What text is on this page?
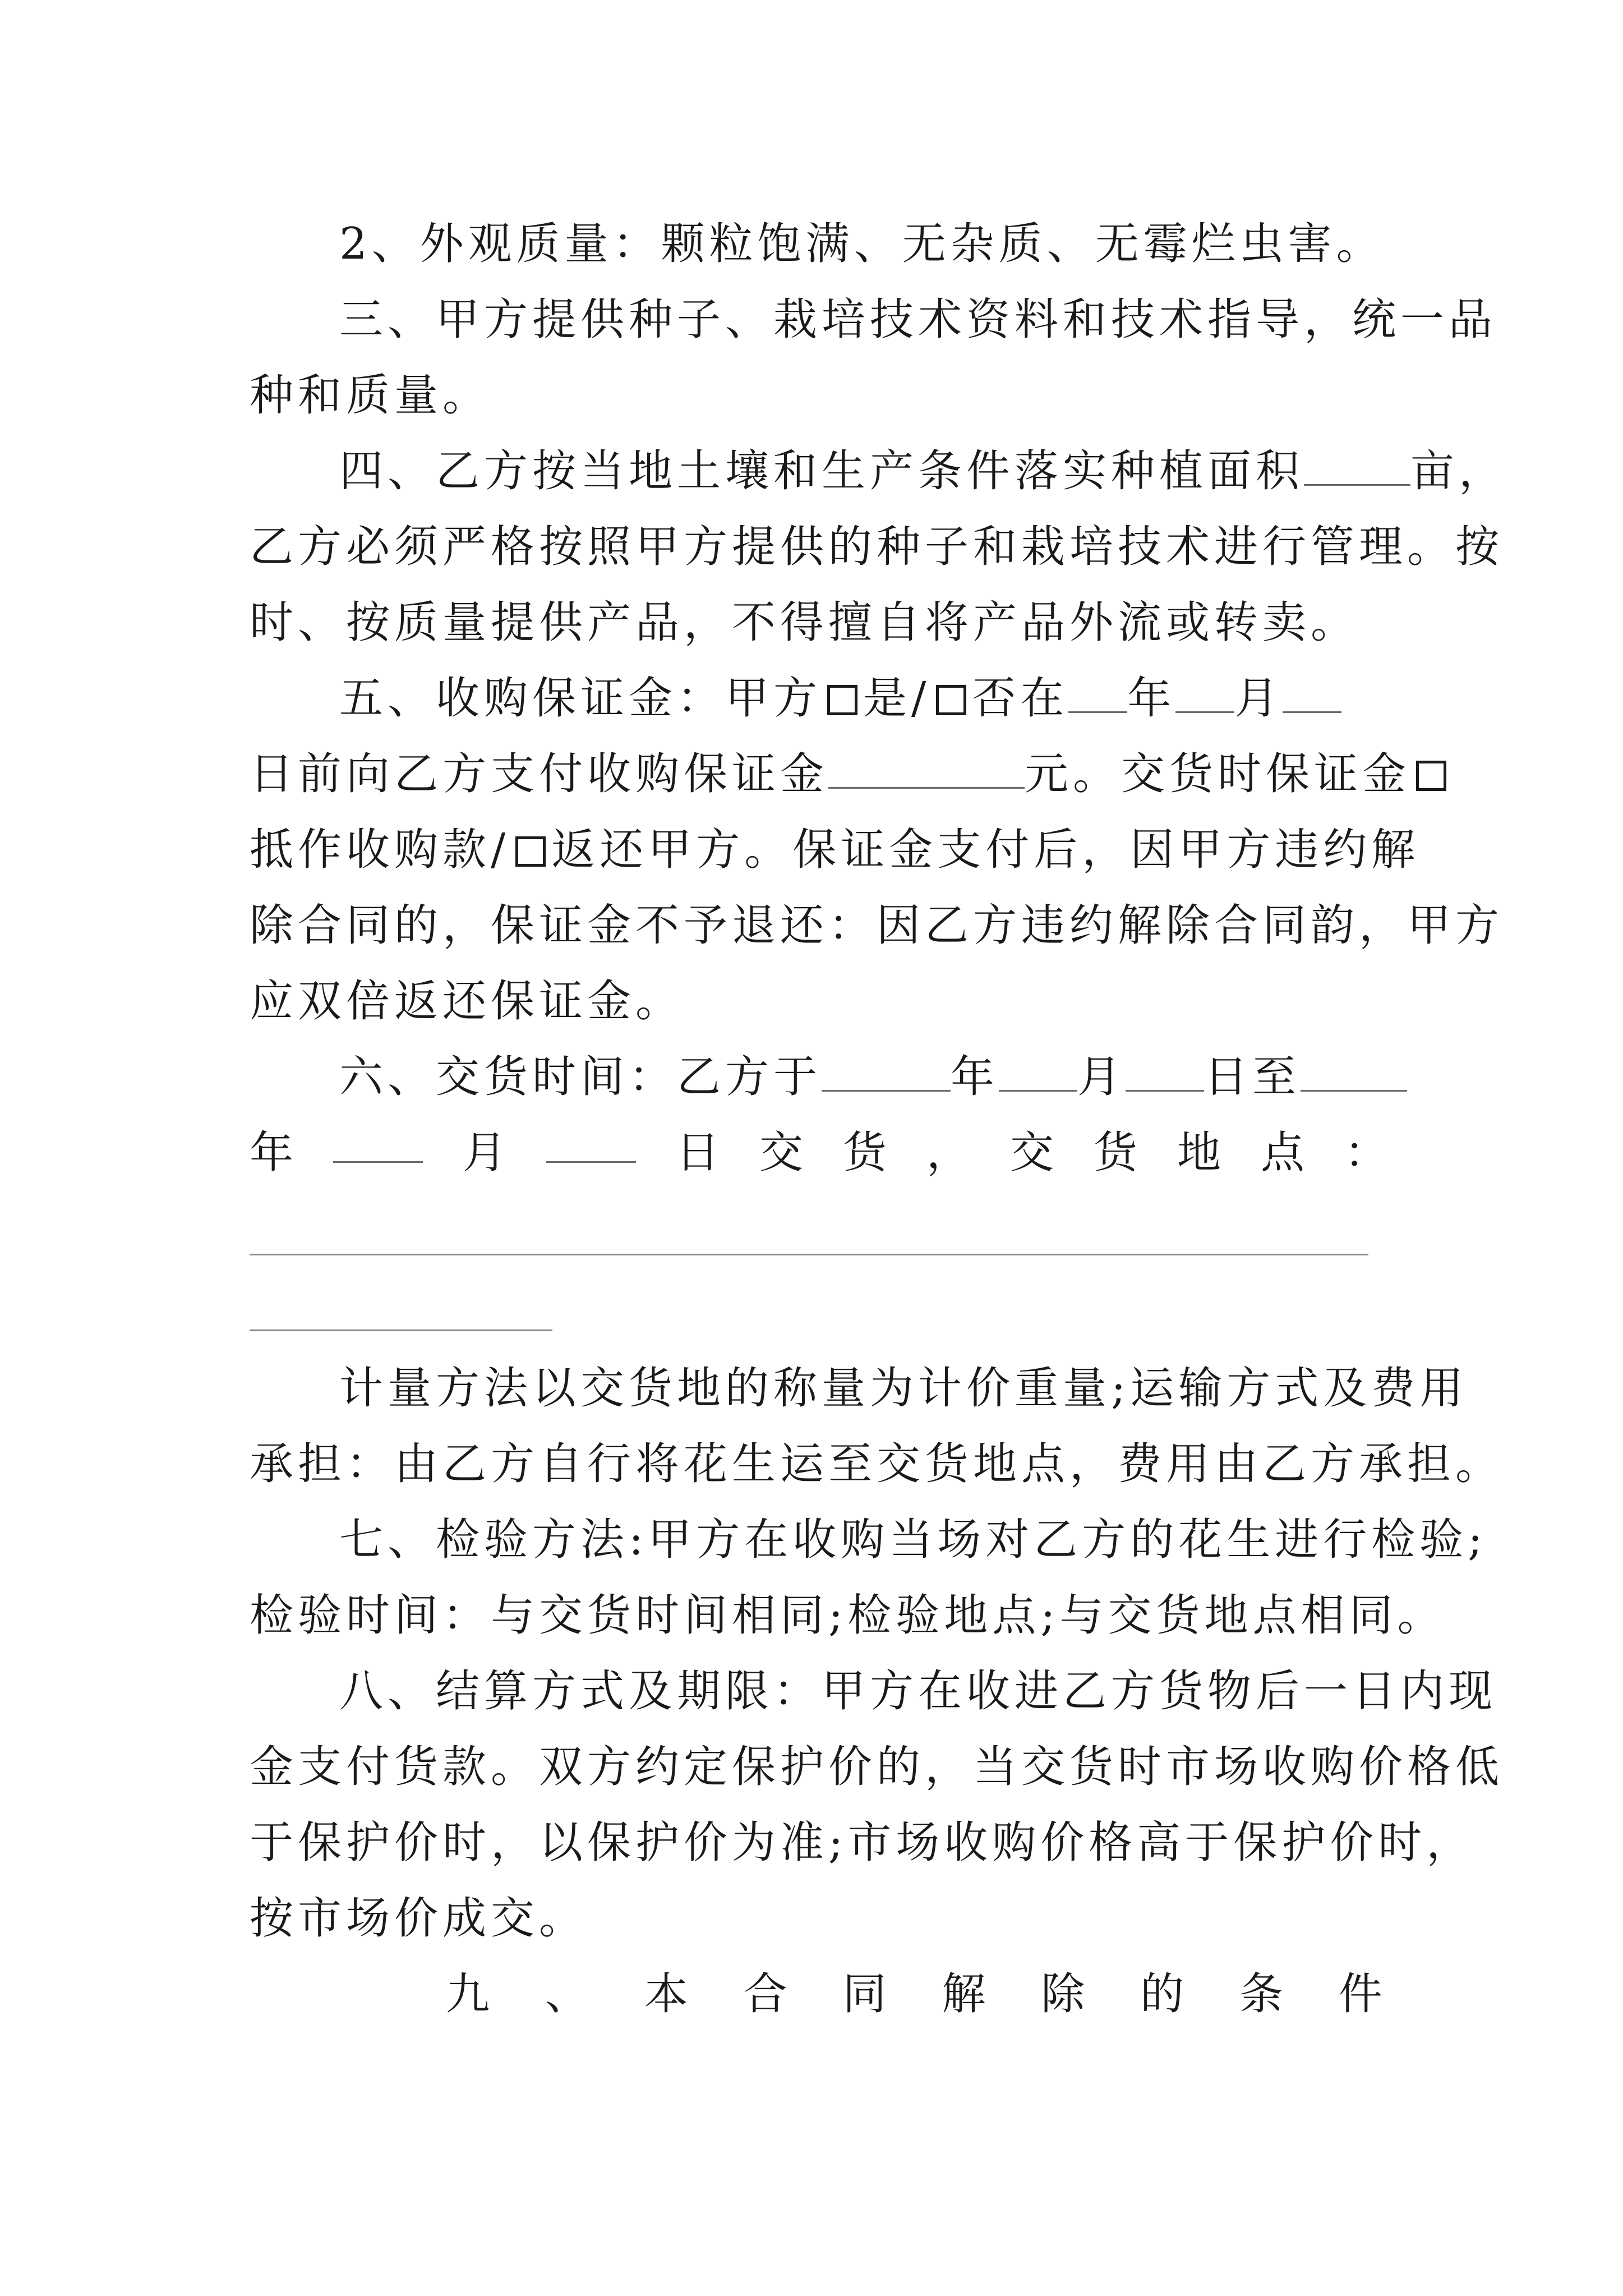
2、外观质量：颗粒饱满、无杂质、无霉烂虫害。
三、甲方提供种子、栽培技术资料和技术指导，统一品
种和质量。
四、乙方按当地土壤和生产条件落实种植面积 亩，
乙方必须严格按照甲方提供的种子和栽培技术进行管理。按
时、按质量提供产品，不得擅自将产品外流或转卖。
五、收购保证金：甲方 是/ 否在 年 月
日前向乙方支付收购保证金	元。交货时保证金
抵作收购款/ 返还甲方。保证金支付后，因甲方违约解
除合同的，保证金不予退还：因乙方违约解除合同韵，甲方
应双倍返还保证金。
六、交货时间：乙方于	年 月 日至
年	月	日 交 货 ， 交 货 地 点 ：
计量方法以交货地的称量为计价重量;运输方式及费用
承担：由乙方自行将花生运至交货地点，费用由乙方承担。
七、检验方法:甲方在收购当场对乙方的花生进行检验;
检验时间：与交货时间相同;检验地点;与交货地点相同。
八、结算方式及期限：甲方在收进乙方货物后一日内现
金支付货款。双方约定保护价的，当交货时市场收购价格低
于保护价时，以保护价为准;市场收购价格高于保护价时，
按市场价成交。
九 、 本 合 同 解 除 的 条 件
